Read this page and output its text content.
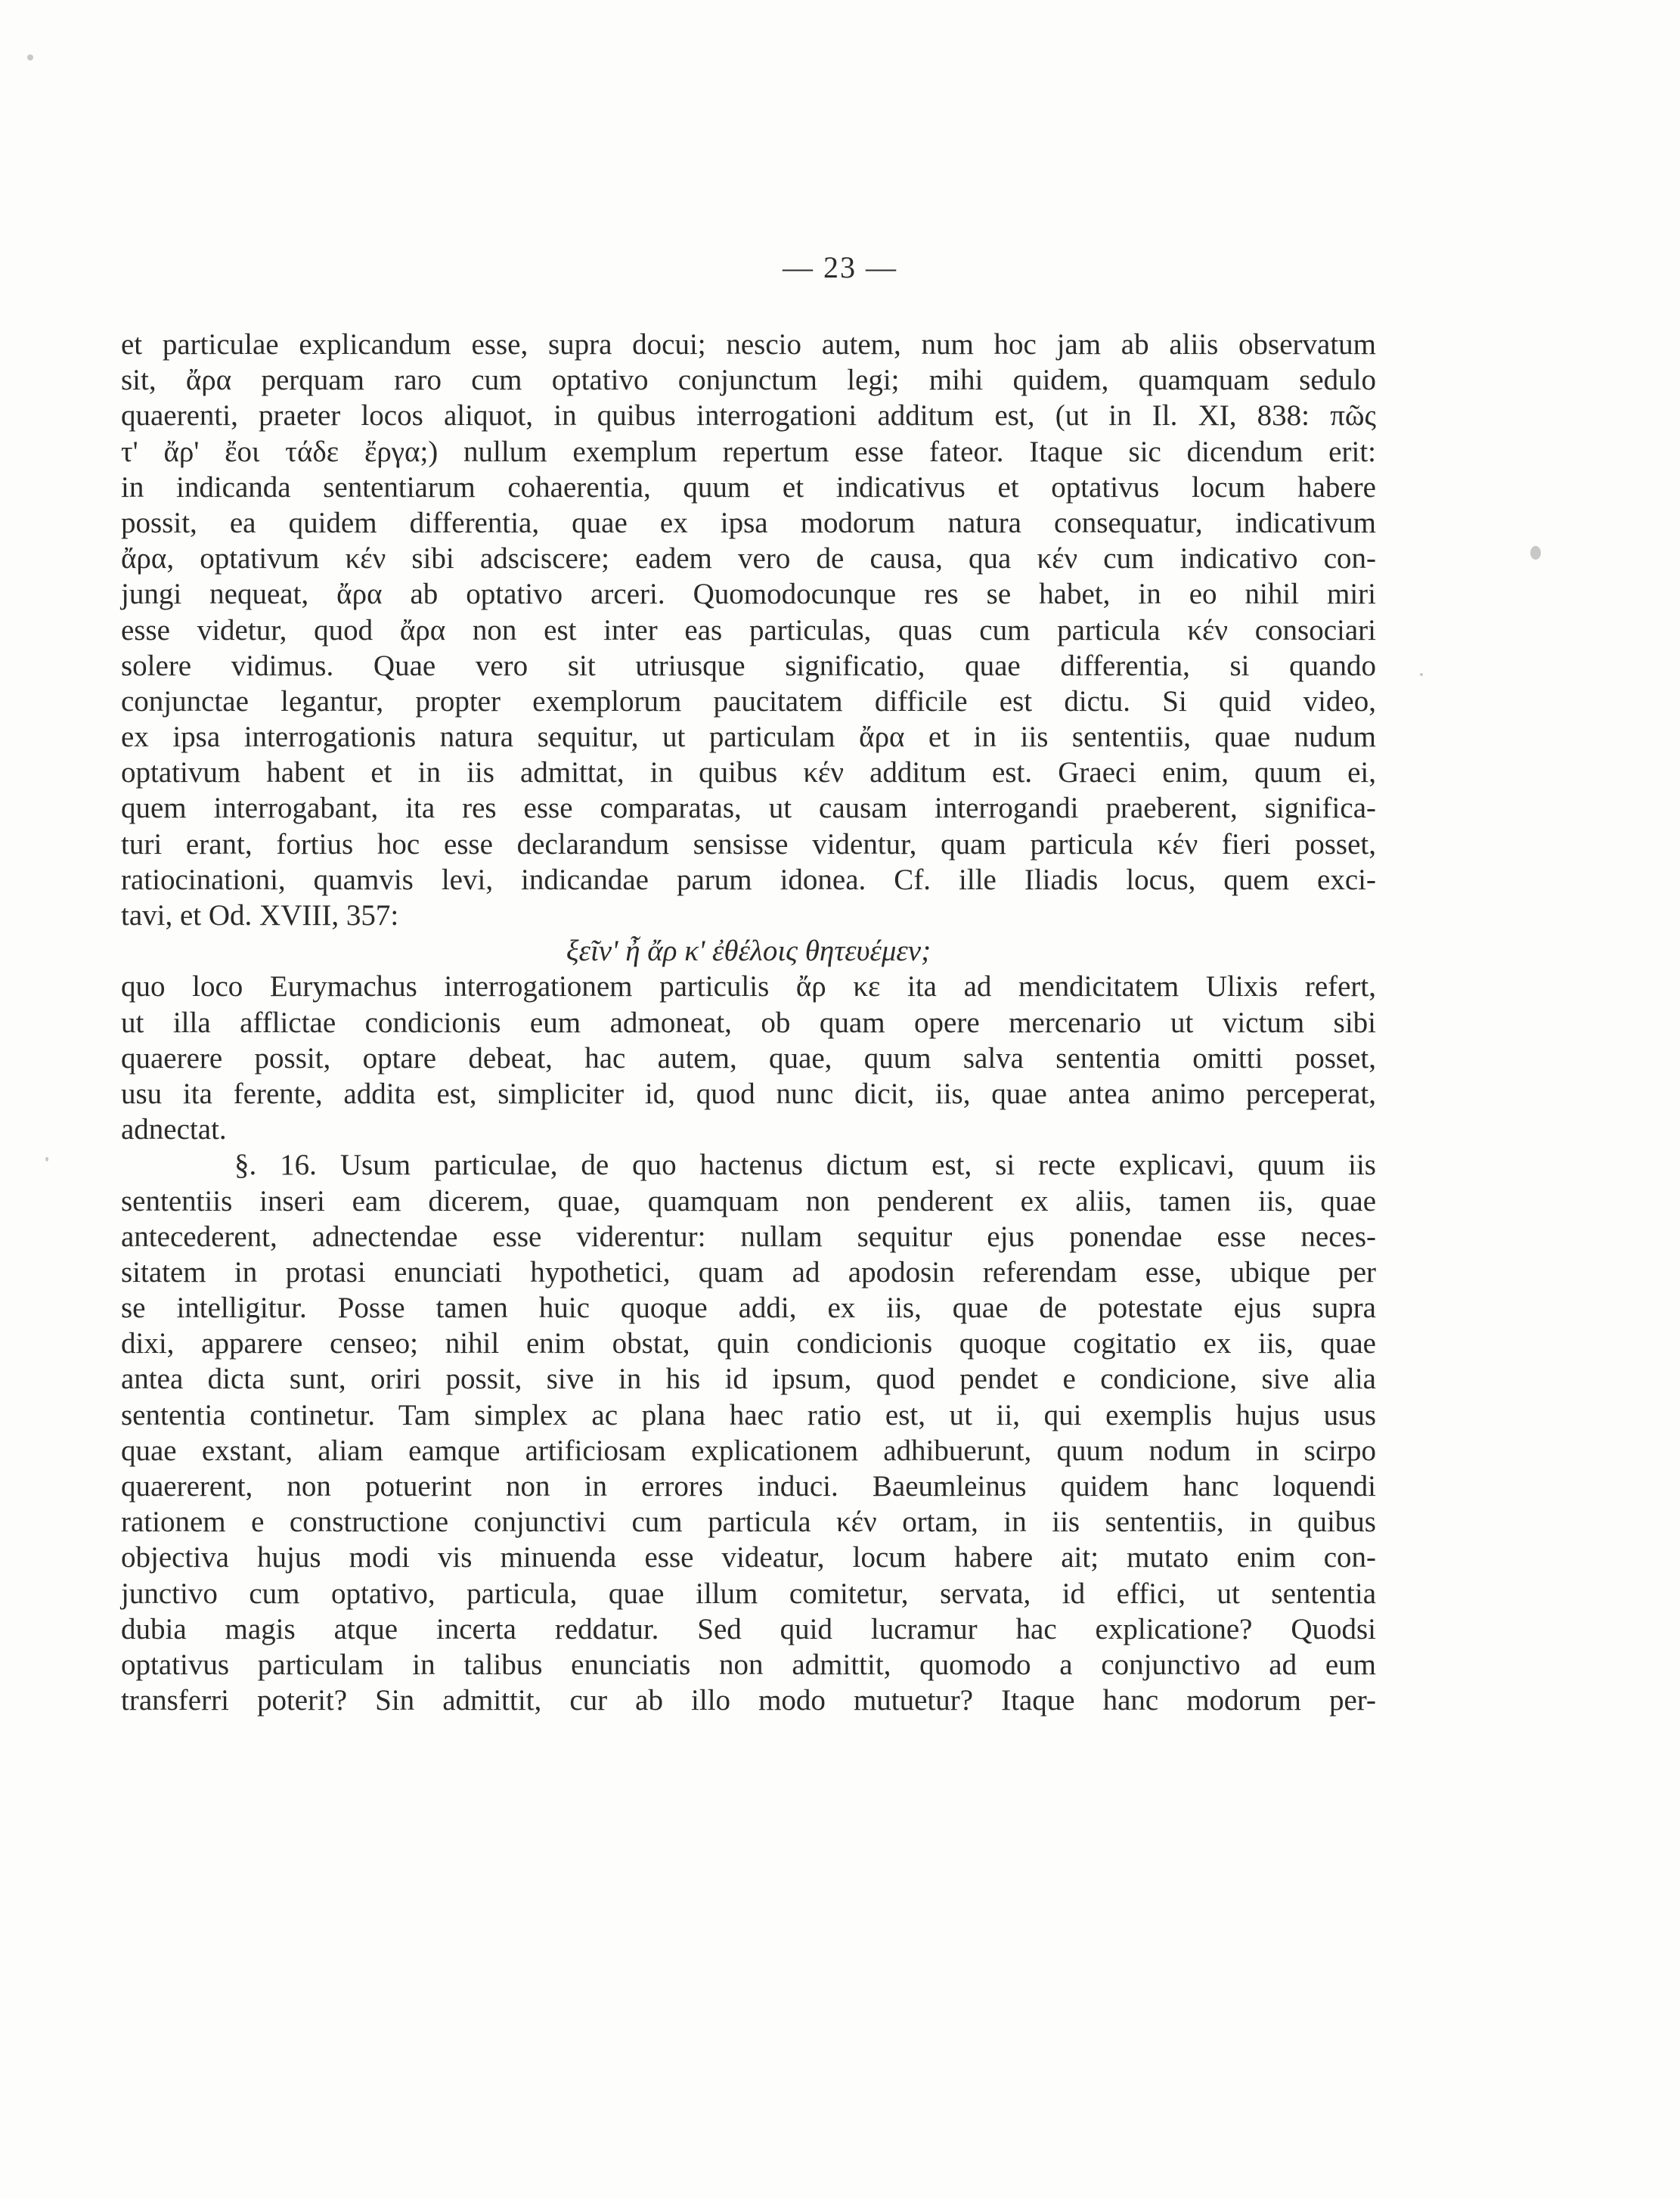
— 23 —
et particulae explicandum esse, supra docui; nescio autem, num hoc jam ab aliis observatum
sit, ἄρα perquam raro cum optativo conjunctum legi; mihi quidem, quamquam sedulo
quaerenti, praeter locos aliquot, in quibus interrogationi additum est, (ut in Il. XI, 838: πῶς
τ' ἄρ' ἔοι τάδε ἔργα;) nullum exemplum repertum esse fateor. Itaque sic dicendum erit:
in indicanda sententiarum cohaerentia, quum et indicativus et optativus locum habere
possit, ea quidem differentia, quae ex ipsa modorum natura consequatur, indicativum
ἄρα, optativum κέν sibi adsciscere; eadem vero de causa, qua κέν cum indicativo con-
jungi nequeat, ἄρα ab optativo arceri. Quomodocunque res se habet, in eo nihil miri
esse videtur, quod ἄρα non est inter eas particulas, quas cum particula κέν consociari
solere vidimus. Quae vero sit utriusque significatio, quae differentia, si quando
conjunctae legantur, propter exemplorum paucitatem difficile est dictu. Si quid video,
ex ipsa interrogationis natura sequitur, ut particulam ἄρα et in iis sententiis, quae nudum
optativum habent et in iis admittat, in quibus κέν additum est. Graeci enim, quum ei,
quem interrogabant, ita res esse comparatas, ut causam interrogandi praeberent, significa-
turi erant, fortius hoc esse declarandum sensisse videntur, quam particula κέν fieri posset,
ratiocinationi, quamvis levi, indicandae parum idonea. Cf. ille Iliadis locus, quem exci-
tavi, et Od. XVIII, 357:
ξεῖν' ἦ ἄρ κ' ἐθέλοις θητευέμεν;
quo loco Eurymachus interrogationem particulis ἄρ κε ita ad mendicitatem Ulixis refert,
ut illa afflictae condicionis eum admoneat, ob quam opere mercenario ut victum sibi
quaerere possit, optare debeat, hac autem, quae, quum salva sententia omitti posset,
usu ita ferente, addita est, simpliciter id, quod nunc dicit, iis, quae antea animo perceperat,
adnectat.
§. 16. Usum particulae, de quo hactenus dictum est, si recte explicavi, quum iis
sententiis inseri eam dicerem, quae, quamquam non penderent ex aliis, tamen iis, quae
antecederent, adnectendae esse viderentur: nullam sequitur ejus ponendae esse neces-
sitatem in protasi enunciati hypothetici, quam ad apodosin referendam esse, ubique per
se intelligitur. Posse tamen huic quoque addi, ex iis, quae de potestate ejus supra
dixi, apparere censeo; nihil enim obstat, quin condicionis quoque cogitatio ex iis, quae
antea dicta sunt, oriri possit, sive in his id ipsum, quod pendet e condicione, sive alia
sententia continetur. Tam simplex ac plana haec ratio est, ut ii, qui exemplis hujus usus
quae exstant, aliam eamque artificiosam explicationem adhibuerunt, quum nodum in scirpo
quaererent, non potuerint non in errores induci. Baeumleinus quidem hanc loquendi
rationem e constructione conjunctivi cum particula κέν ortam, in iis sententiis, in quibus
objectiva hujus modi vis minuenda esse videatur, locum habere ait; mutato enim con-
junctivo cum optativo, particula, quae illum comitetur, servata, id effici, ut sententia
dubia magis atque incerta reddatur. Sed quid lucramur hac explicatione? Quodsi
optativus particulam in talibus enunciatis non admittit, quomodo a conjunctivo ad eum
transferri poterit? Sin admittit, cur ab illo modo mutuetur? Itaque hanc modorum per-
